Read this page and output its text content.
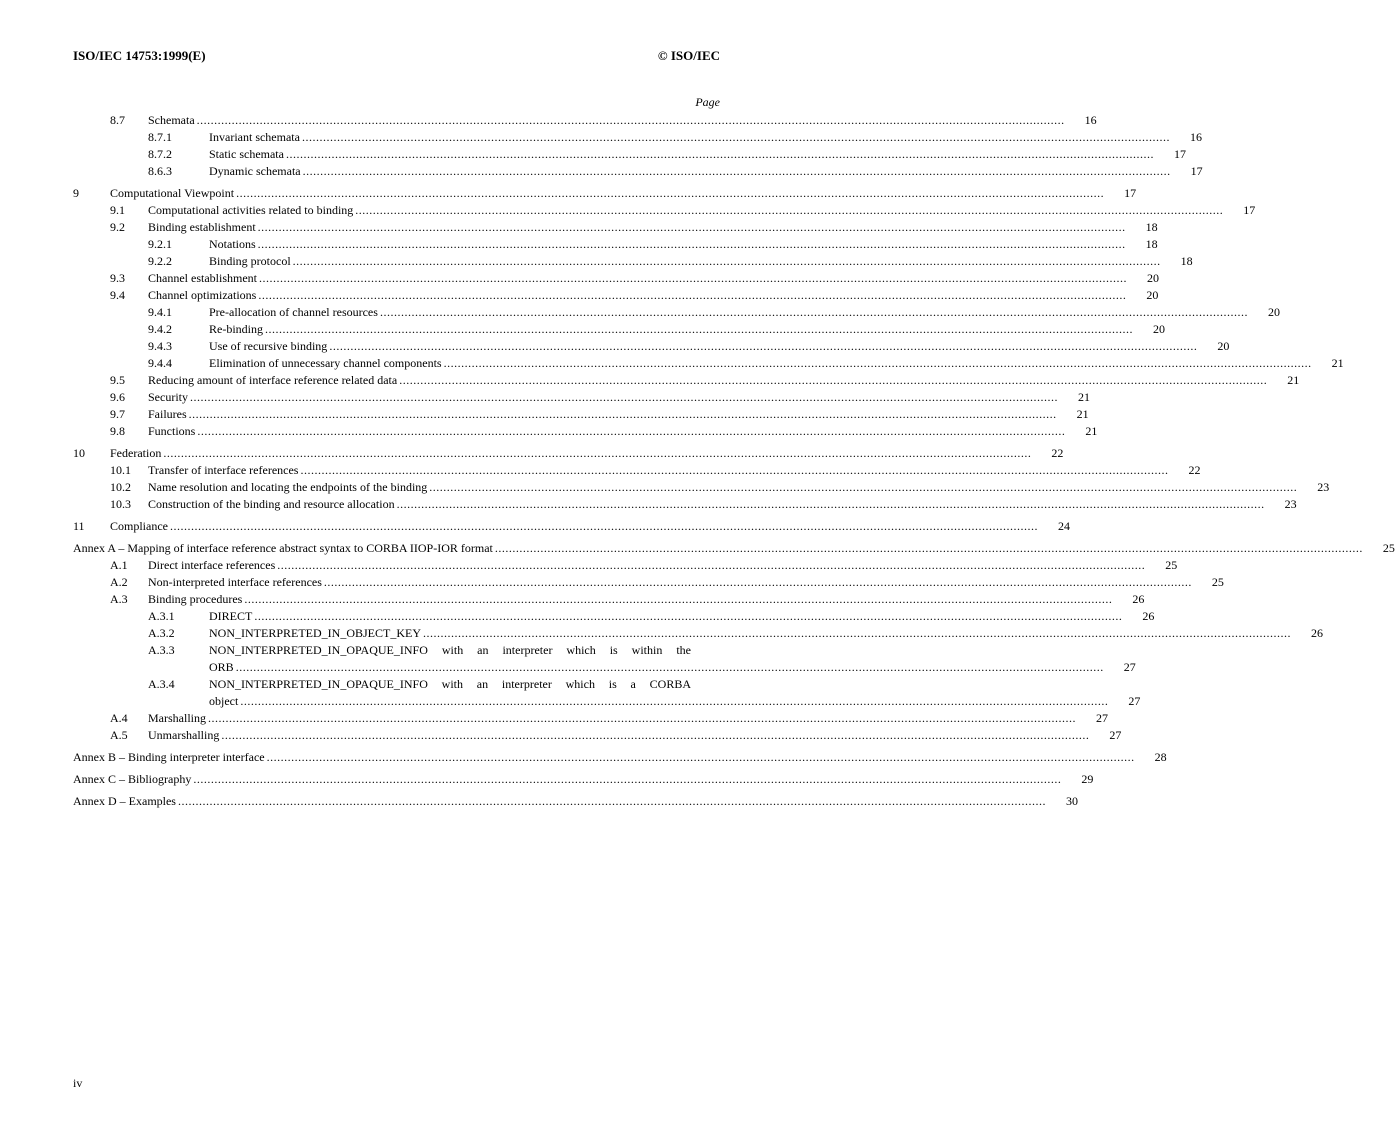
ISO/IEC 14753:1999(E)	© ISO/IEC
Page
8.7	Schemata .....	16
8.7.1	Invariant schemata .....	16
8.7.2	Static schemata .....	17
8.6.3	Dynamic schemata .....	17
9	Computational Viewpoint .....	17
9.1	Computational activities related to binding .....	17
9.2	Binding establishment .....	18
9.2.1	Notations .....	18
9.2.2	Binding protocol .....	18
9.3	Channel establishment .....	20
9.4	Channel optimizations .....	20
9.4.1	Pre-allocation of channel resources .....	20
9.4.2	Re-binding .....	20
9.4.3	Use of recursive binding .....	20
9.4.4	Elimination of unnecessary channel components .....	21
9.5	Reducing amount of interface reference related data .....	21
9.6	Security .....	21
9.7	Failures .....	21
9.8	Functions .....	21
10	Federation .....	22
10.1	Transfer of interface references .....	22
10.2	Name resolution and locating the endpoints of the binding .....	23
10.3	Construction of the binding and resource allocation .....	23
11	Compliance .....	24
Annex A – Mapping of interface reference abstract syntax to CORBA IIOP-IOR format .....	25
A.1	Direct interface references .....	25
A.2	Non-interpreted interface references .....	25
A.3	Binding procedures .....	26
A.3.1	DIRECT .....	26
A.3.2	NON_INTERPRETED_IN_OBJECT_KEY .....	26
A.3.3	NON_INTERPRETED_IN_OPAQUE_INFO with an interpreter which is within the
ORB .....	27
A.3.4	NON_INTERPRETED_IN_OPAQUE_INFO with an interpreter which is a CORBA
object .....	27
A.4	Marshalling .....	27
A.5	Unmarshalling .....	27
Annex B – Binding interpreter interface .....	28
Annex C – Bibliography .....	29
Annex D – Examples .....	30
iv
